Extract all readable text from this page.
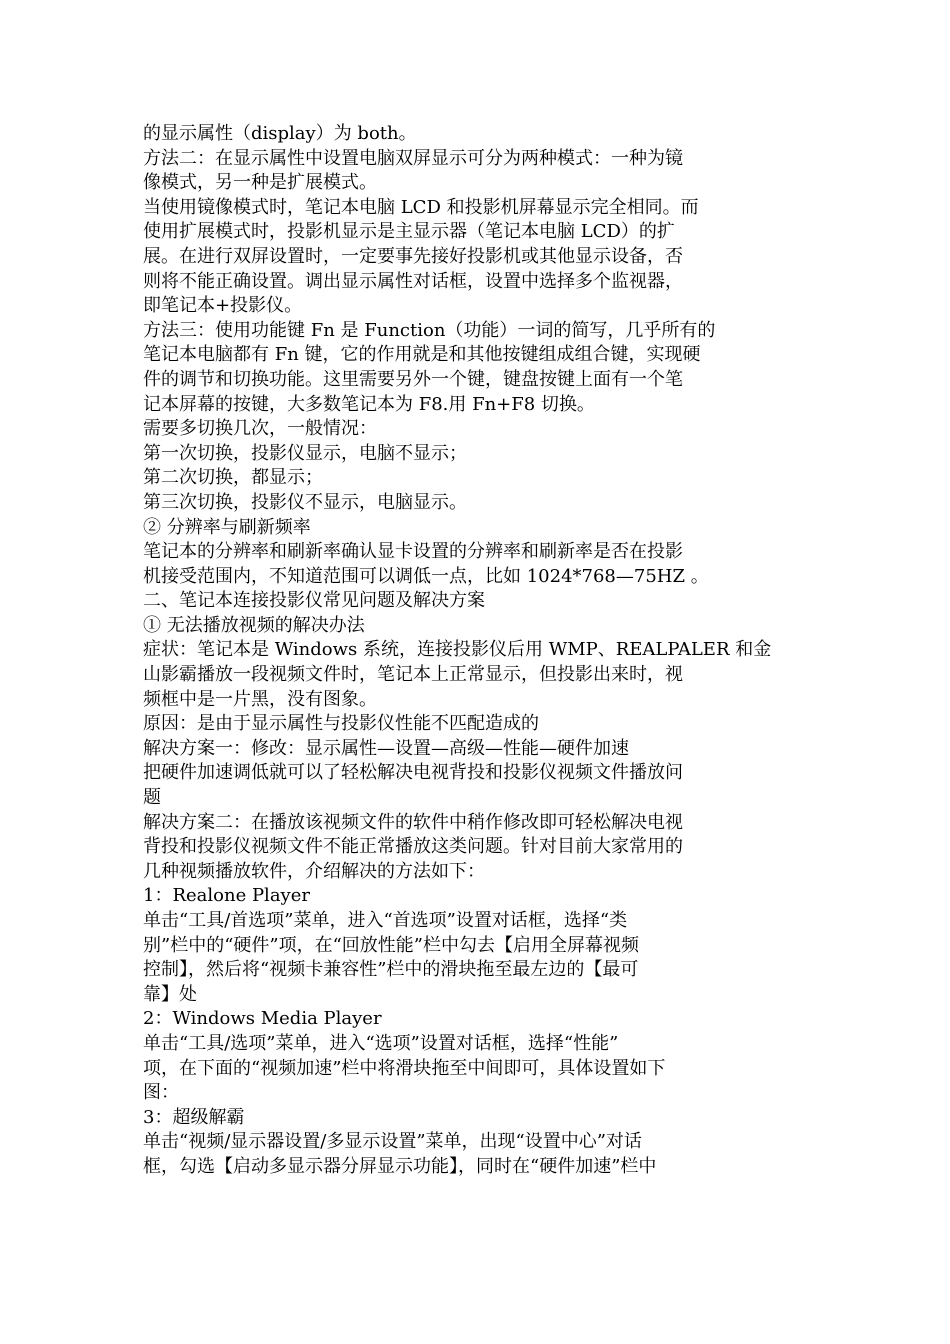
的显示属性（display）为 both。
方法二：在显示属性中设置电脑双屏显示可分为两种模式：一种为镜
像模式，另一种是扩展模式。
当使用镜像模式时，笔记本电脑 LCD 和投影机屏幕显示完全相同。而
使用扩展模式时，投影机显示是主显示器（笔记本电脑 LCD）的扩
展。在进行双屏设置时，一定要事先接好投影机或其他显示设备，否
则将不能正确设置。调出显示属性对话框，设置中选择多个监视器，
即笔记本+投影仪。
方法三：使用功能键 Fn 是 Function（功能）一词的简写，几乎所有的
笔记本电脑都有 Fn 键，它的作用就是和其他按键组成组合键，实现硬
件的调节和切换功能。这里需要另外一个键，键盘按键上面有一个笔
记本屏幕的按键，大多数笔记本为 F8.用 Fn+F8 切换。
需要多切换几次，一般情况：
第一次切换，投影仪显示，电脑不显示；
第二次切换，都显示；
第三次切换，投影仪不显示，电脑显示。
② 分辨率与刷新频率
笔记本的分辨率和刷新率确认显卡设置的分辨率和刷新率是否在投影
机接受范围内，不知道范围可以调低一点，比如 1024*768—75HZ 。
二、笔记本连接投影仪常见问题及解决方案
① 无法播放视频的解决办法
症状：笔记本是 Windows 系统，连接投影仪后用 WMP、REALPALER 和金
山影霸播放一段视频文件时，笔记本上正常显示，但投影出来时，视
频框中是一片黑，没有图象。
原因：是由于显示属性与投影仪性能不匹配造成的
解决方案一：修改：显示属性—设置—高级—性能—硬件加速
把硬件加速调低就可以了轻松解决电视背投和投影仪视频文件播放问
题
解决方案二：在播放该视频文件的软件中稍作修改即可轻松解决电视
背投和投影仪视频文件不能正常播放这类问题。针对目前大家常用的
几种视频播放软件，介绍解决的方法如下：
1：Realone Player
单击“工具/首选项”菜单，进入“首选项”设置对话框，选择“类
别”栏中的“硬件”项，在“回放性能”栏中勾去【启用全屏幕视频
控制】，然后将“视频卡兼容性”栏中的滑块拖至最左边的【最可
靠】处
2：Windows Media Player
单击“工具/选项”菜单，进入“选项”设置对话框，选择“性能”
项，在下面的“视频加速”栏中将滑块拖至中间即可，具体设置如下
图：
3：超级解霸
单击“视频/显示器设置/多显示设置”菜单，出现“设置中心”对话
框，勾选【启动多显示器分屏显示功能】，同时在“硬件加速”栏中
